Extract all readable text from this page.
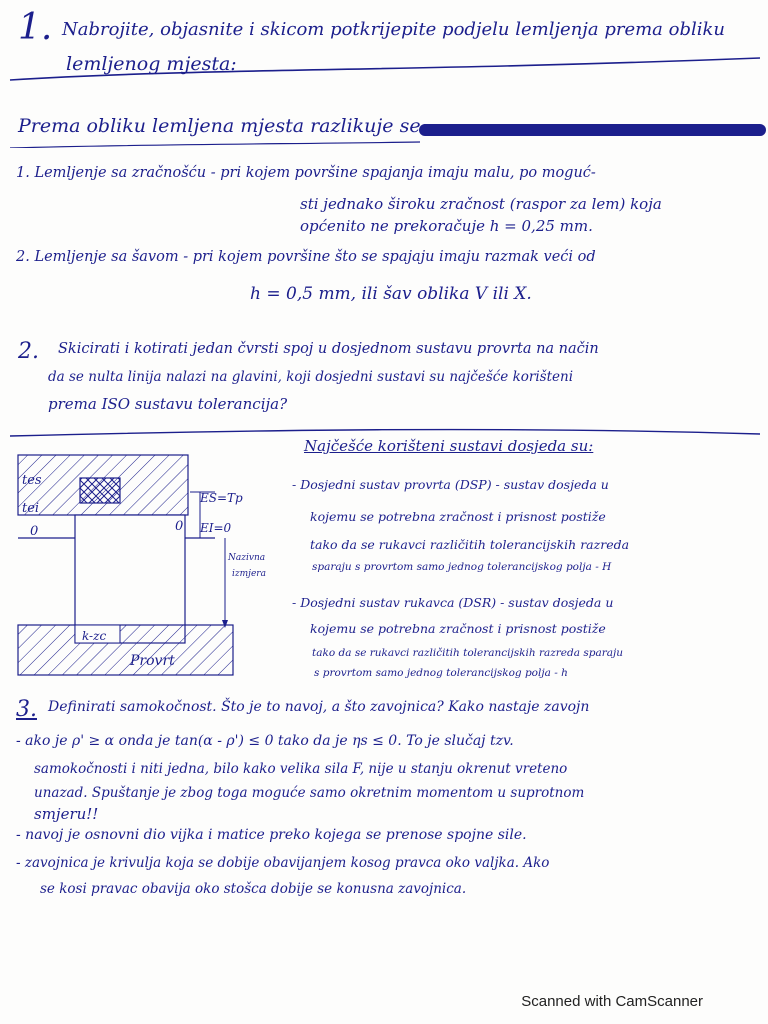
1. Nabrojite, objasnite i skicom potkrijepite podjelu lemljenja prema obliku
lemljenog mjesta:
Prema obliku lemljena mjesta razlikuje se:
1. Lemljenje sa zračnošću - pri kojem površine spajanja imaju malu, po moguć-
sti jednako široku zračnost (raspor za lem) koja
općenito ne prekoračuje h = 0,25 mm.
2. Lemljenje sa šavom - pri kojem površine što se spajaju imaju razmak veći od
h = 0,5 mm, ili šav oblika V ili X.
2. Skicirati i kotirati jedan čvrsti spoj u dosjednom sustavu provrta na način
da se nulta linija nalazi na glavini, koji dosjedni sustavi su najčešće korišteni
prema ISO sustavu tolerancija?
tes
tei
0	0
ES=Tp
EI=0
Nazivna
izmjera
k-zc
Provrt
Najčešće korišteni sustavi dosjeda su:
- Dosjedni sustav provrta (DSP) - sustav dosjeda u
kojemu se potrebna zračnost i prisnost postiže
tako da se rukavci različitih tolerancijskih razreda
sparaju s provrtom samo jednog tolerancijskog polja - H
- Dosjedni sustav rukavca (DSR) - sustav dosjeda u
kojemu se potrebna zračnost i prisnost postiže
tako da se rukavci različitih tolerancijskih razreda sparaju
s provrtom samo jednog tolerancijskog polja - h
3. Definirati samokočnost. Što je to navoj, a što zavojnica? Kako nastaje zavojn
- ako je ρ' ≥ α onda je tan(α - ρ') ≤ 0 tako da je ηs ≤ 0. To je slučaj tzv.
samokočnosti i niti jedna, bilo kako velika sila F, nije u stanju okrenut vreteno
unazad. Spuštanje je zbog toga moguće samo okretnim momentom u suprotnom
smjeru!!
- navoj je osnovni dio vijka i matice preko kojega se prenose spojne sile.
- zavojnica je krivulja koja se dobije obavijanjem kosog pravca oko valjka. Ako
se kosi pravac obavija oko stošca dobije se konusna zavojnica.
Scanned with CamScanner
